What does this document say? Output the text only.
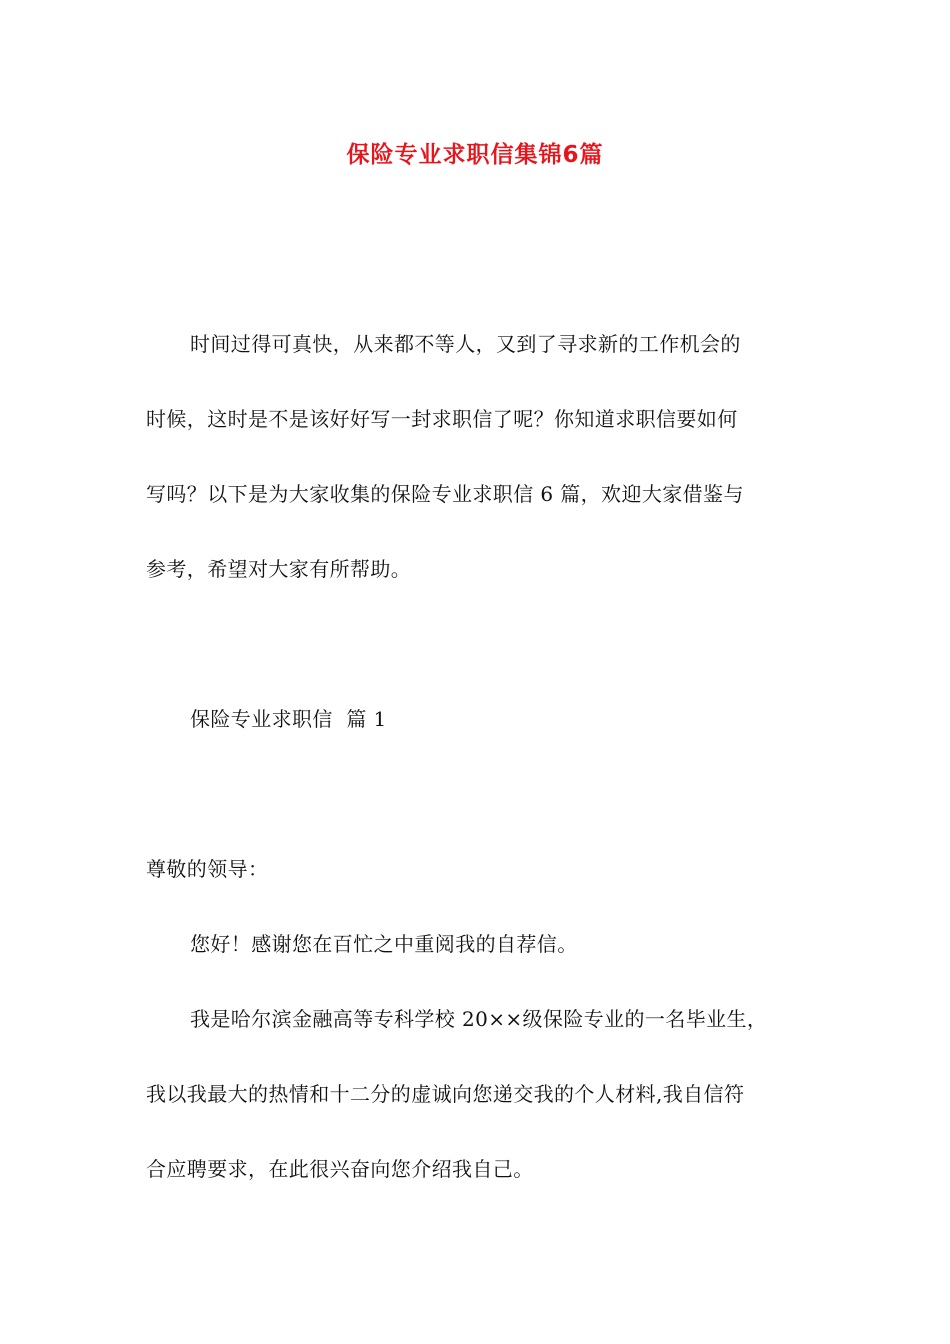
保险专业求职信集锦6篇
时间过得可真快，从来都不等人，又到了寻求新的工作机会的
时候，这时是不是该好好写一封求职信了呢？你知道求职信要如何
写吗？以下是为大家收集的保险专业求职信 6 篇，欢迎大家借鉴与
参考，希望对大家有所帮助。
保险专业求职信  篇 1
尊敬的领导：
您好！感谢您在百忙之中重阅我的自荐信。
我是哈尔滨金融高等专科学校 20××级保险专业的一名毕业生，
我以我最大的热情和十二分的虚诚向您递交我的个人材料,我自信符
合应聘要求，在此很兴奋向您介绍我自己。
